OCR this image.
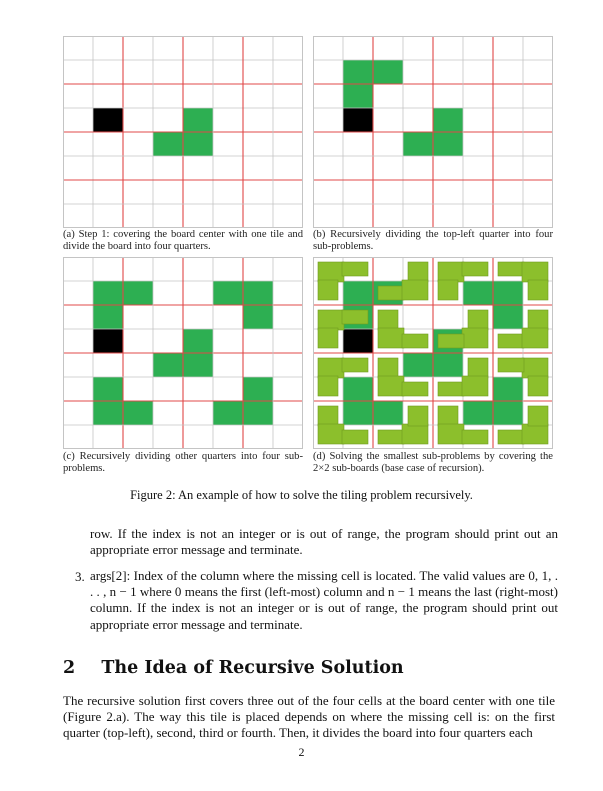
(a) Step 1: covering the board center with one tile and divide the board into four quarters.
(b) Recursively dividing the top-left quarter into four sub-problems.
(c) Recursively dividing other quarters into four sub-problems.
(d) Solving the smallest sub-problems by covering the 2×2 sub-boards (base case of recursion).
Figure 2: An example of how to solve the tiling problem recursively.
row. If the index is not an integer or is out of range, the program should print out an appropriate error message and terminate.
3. args[2]: Index of the column where the missing cell is located. The valid values are 0, 1, . . . , n − 1 where 0 means the first (left-most) column and n − 1 means the last (right-most) column. If the index is not an integer or is out of range, the program should print out appropriate error message and terminate.
2 The Idea of Recursive Solution
The recursive solution first covers three out of the four cells at the board center with one tile (Figure 2.a). The way this tile is placed depends on where the missing cell is: on the first quarter (top-left), second, third or fourth. Then, it divides the board into four quarters each
2
